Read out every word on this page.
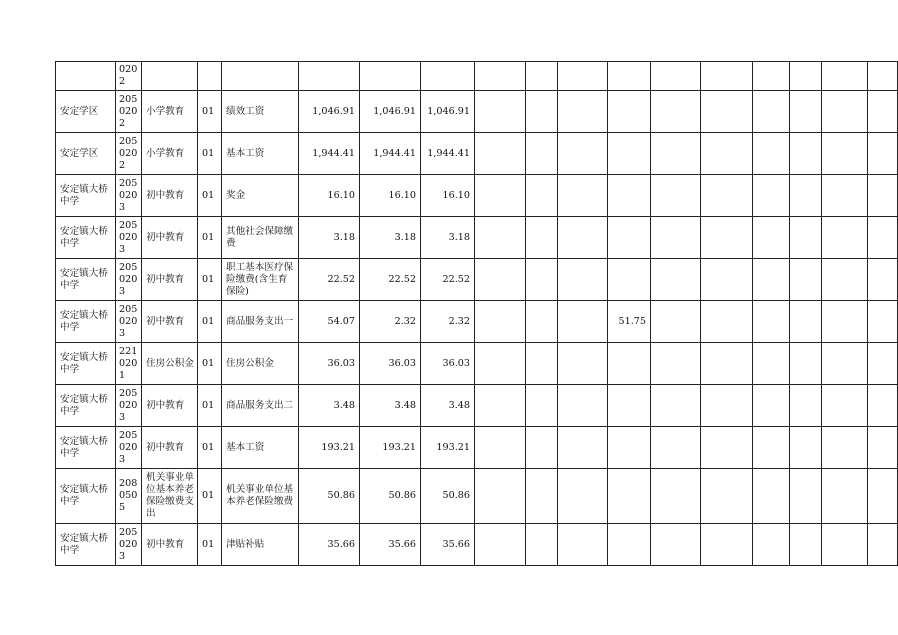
	0202																
安定学区	2050202	小学教育	01	绩效工资	1,046.91	1,046.91	1,046.91										
安定学区	2050202	小学教育	01	基本工资	1,944.41	1,944.41	1,944.41										
安定镇大桥中学	2050203	初中教育	01	奖金	16.10	16.10	16.10										
安定镇大桥中学	2050203	初中教育	01	其他社会保障缴费	3.18	3.18	3.18										
安定镇大桥中学	2050203	初中教育	01	职工基本医疗保险缴费(含生育保险)	22.52	22.52	22.52										
安定镇大桥中学	2050203	初中教育	01	商品服务支出一	54.07	2.32	2.32				51.75						
安定镇大桥中学	2210201	住房公积金	01	住房公积金	36.03	36.03	36.03										
安定镇大桥中学	2050203	初中教育	01	商品服务支出二	3.48	3.48	3.48										
安定镇大桥中学	2050203	初中教育	01	基本工资	193.21	193.21	193.21										
安定镇大桥中学	2080505	机关事业单位基本养老保险缴费支出	01	机关事业单位基本养老保险缴费	50.86	50.86	50.86										
安定镇大桥中学	2050203	初中教育	01	津贴补贴	35.66	35.66	35.66										
